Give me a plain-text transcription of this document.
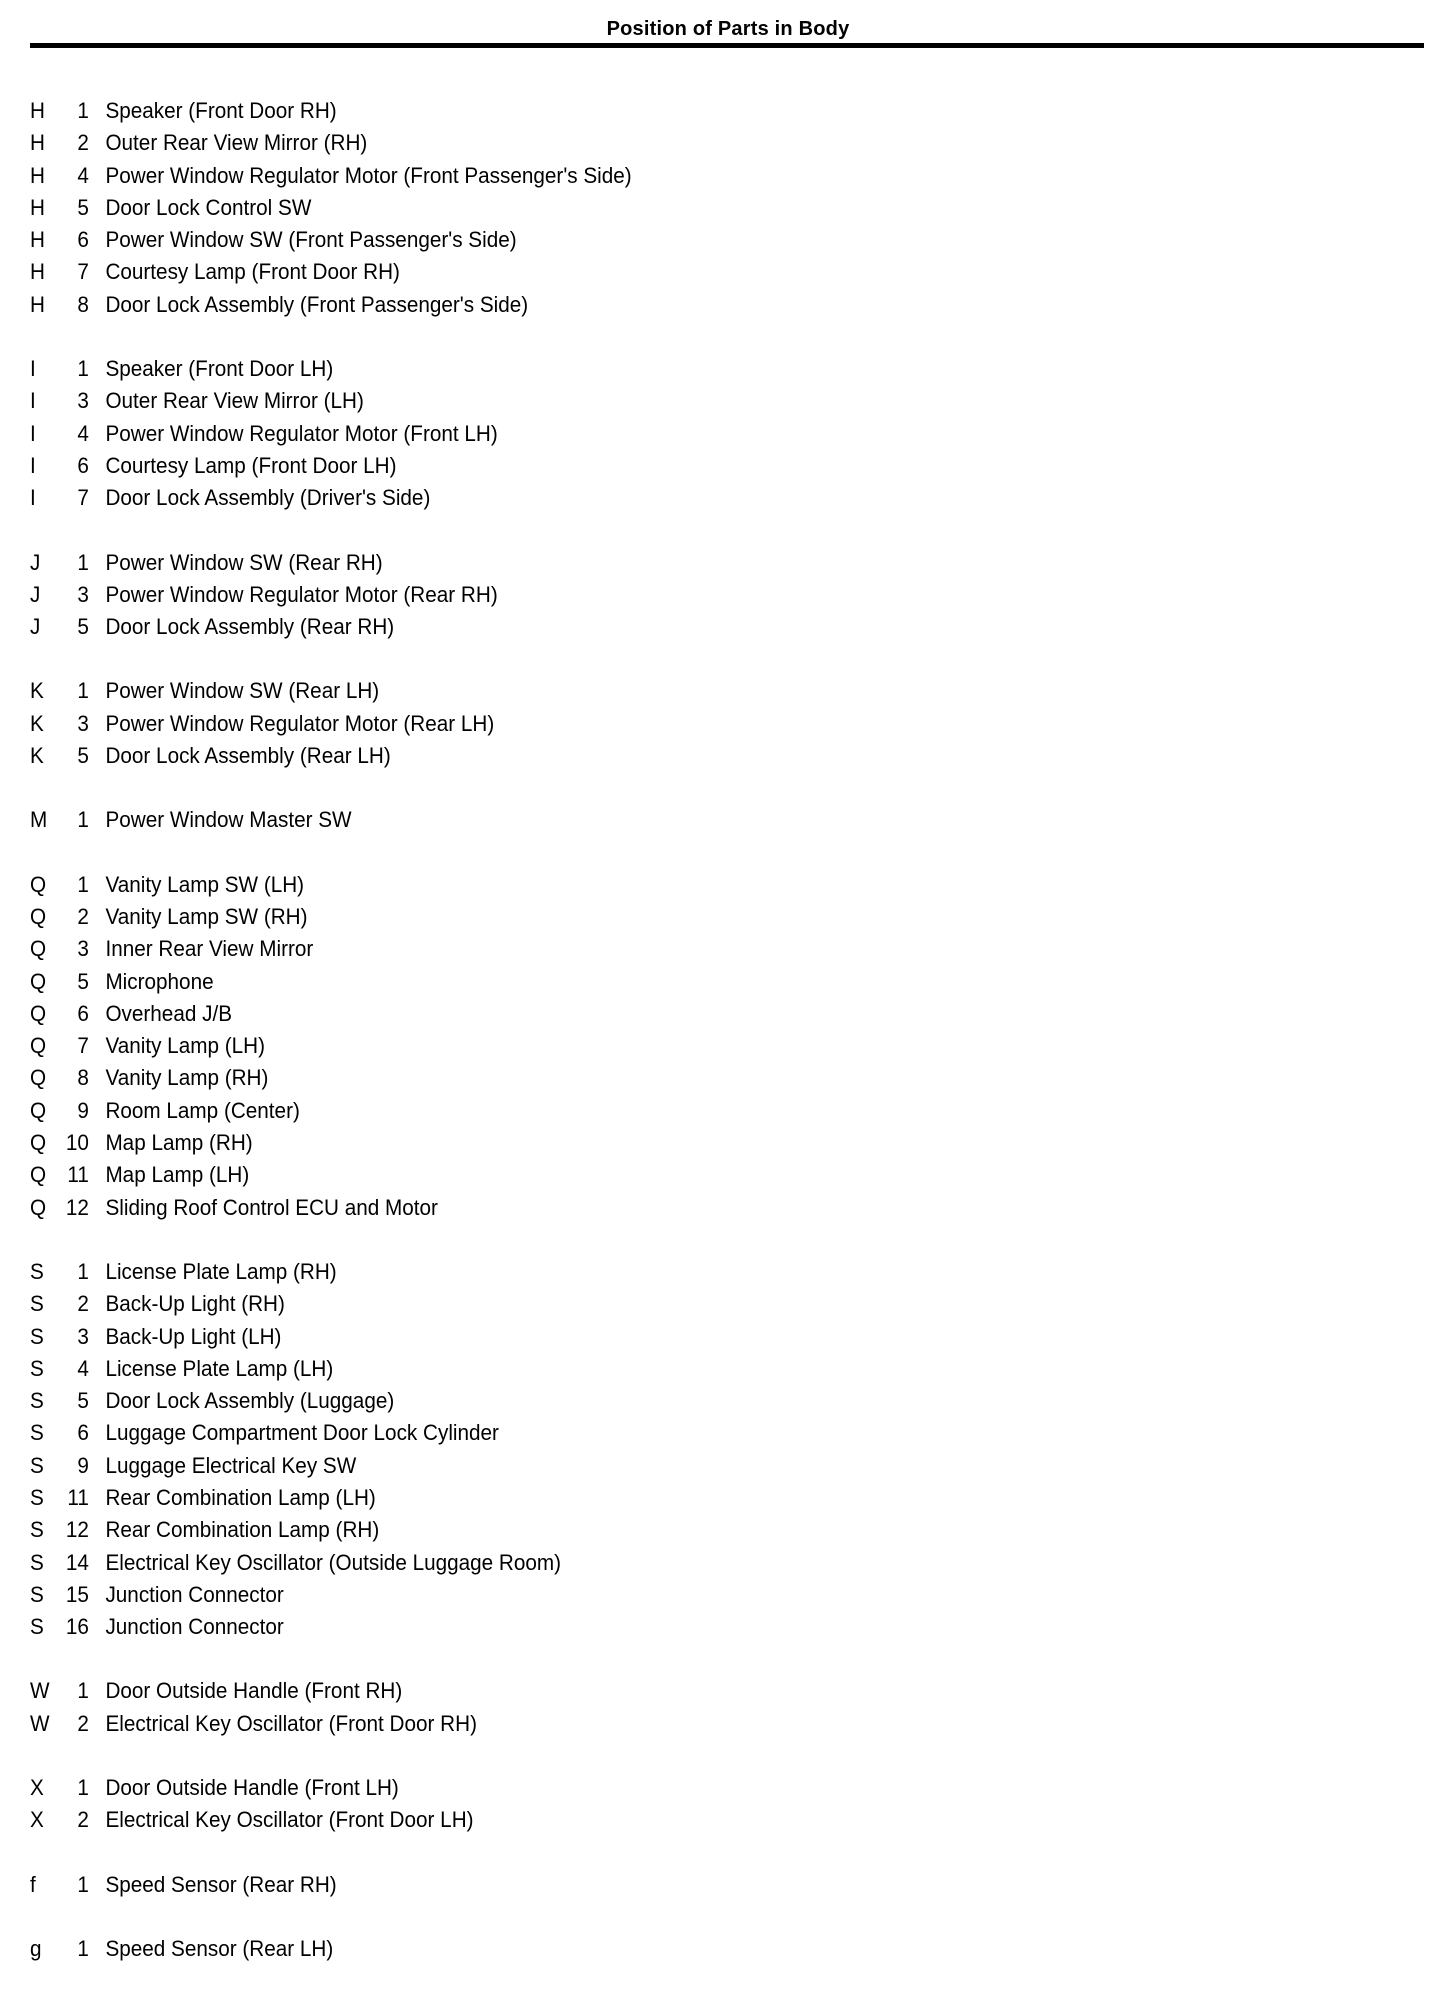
Position of Parts in Body
H	1 Speaker (Front Door RH)
H	2 Outer Rear View Mirror (RH)
H	4 Power Window Regulator Motor (Front Passenger's Side)
H	5 Door Lock Control SW
H	6 Power Window SW (Front Passenger's Side)
H	7 Courtesy Lamp (Front Door RH)
H	8 Door Lock Assembly (Front Passenger's Side)
I	1 Speaker (Front Door LH)
I	3 Outer Rear View Mirror (LH)
I	4 Power Window Regulator Motor (Front LH)
I	6 Courtesy Lamp (Front Door LH)
I	7 Door Lock Assembly (Driver's Side)
J	1 Power Window SW (Rear RH)
J	3 Power Window Regulator Motor (Rear RH)
J	5 Door Lock Assembly (Rear RH)
K	1 Power Window SW (Rear LH)
K	3 Power Window Regulator Motor (Rear LH)
K	5 Door Lock Assembly (Rear LH)
M	1 Power Window Master SW
Q	1 Vanity Lamp SW (LH)
Q	2 Vanity Lamp SW (RH)
Q	3 Inner Rear View Mirror
Q	5 Microphone
Q	6 Overhead J/B
Q	7 Vanity Lamp (LH)
Q	8 Vanity Lamp (RH)
Q	9 Room Lamp (Center)
Q 10 Map Lamp (RH)
Q 11 Map Lamp (LH)
Q 12 Sliding Roof Control ECU and Motor
S	1 License Plate Lamp (RH)
S	2 Back-Up Light (RH)
S	3 Back-Up Light (LH)
S	4 License Plate Lamp (LH)
S	5 Door Lock Assembly (Luggage)
S	6 Luggage Compartment Door Lock Cylinder
S	9 Luggage Electrical Key SW
S	11 Rear Combination Lamp (LH)
S 12 Rear Combination Lamp (RH)
S 14 Electrical Key Oscillator (Outside Luggage Room)
S 15 Junction Connector
S 16 Junction Connector
W	1 Door Outside Handle (Front RH)
W	2 Electrical Key Oscillator (Front Door RH)
X	1 Door Outside Handle (Front LH)
X	2 Electrical Key Oscillator (Front Door LH)
f	1 Speed Sensor (Rear RH)
g	1 Speed Sensor (Rear LH)
